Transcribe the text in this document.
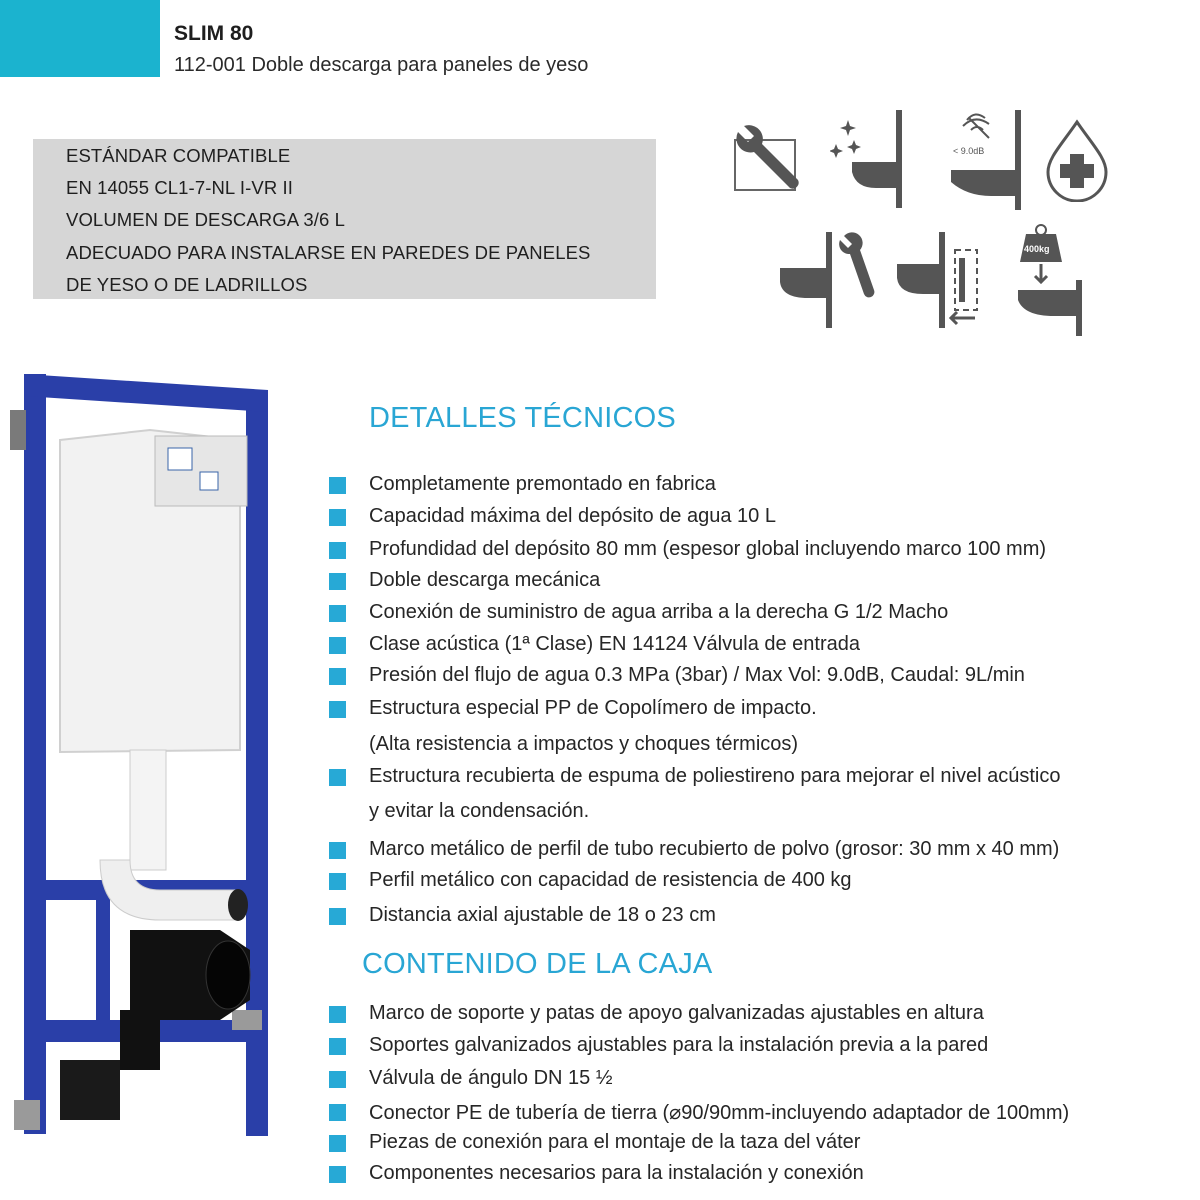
SLIM 80
112-001 Doble descarga para paneles de yeso
ESTÁNDAR COMPATIBLE
EN 14055 CL1-7-NL I-VR II
VOLUMEN DE DESCARGA 3/6 L
ADECUADO PARA INSTALARSE EN PAREDES DE PANELES
DE YESO O DE LADRILLOS
< 9.0dB
400kg
DETALLES TÉCNICOS
Completamente premontado en fabrica
Capacidad máxima del depósito de agua 10 L
Profundidad del depósito 80 mm (espesor global incluyendo marco 100 mm)
Doble descarga mecánica
Conexión de suministro de agua arriba a la derecha G 1/2 Macho
Clase acústica (1ª Clase) EN 14124 Válvula de entrada
Presión del flujo de agua 0.3 MPa (3bar) / Max Vol: 9.0dB, Caudal: 9L/min
Estructura especial PP de Copolímero de impacto.
(Alta resistencia a impactos y choques térmicos)
Estructura recubierta de espuma de poliestireno para mejorar el nivel acústico
y evitar la condensación.
Marco metálico de perfil de tubo recubierto de polvo (grosor: 30 mm x 40 mm)
Perfil metálico con capacidad de resistencia de 400 kg
Distancia axial ajustable de 18 o 23 cm
CONTENIDO DE LA CAJA
Marco de soporte y patas de apoyo galvanizadas ajustables en altura
Soportes galvanizados ajustables para la instalación previa a la pared
Válvula de ángulo DN 15 ½
Conector PE de tubería de tierra (⌀90/90mm-incluyendo adaptador de 100mm)
Piezas de conexión para el montaje de la taza del váter
Componentes necesarios para la instalación y conexión
